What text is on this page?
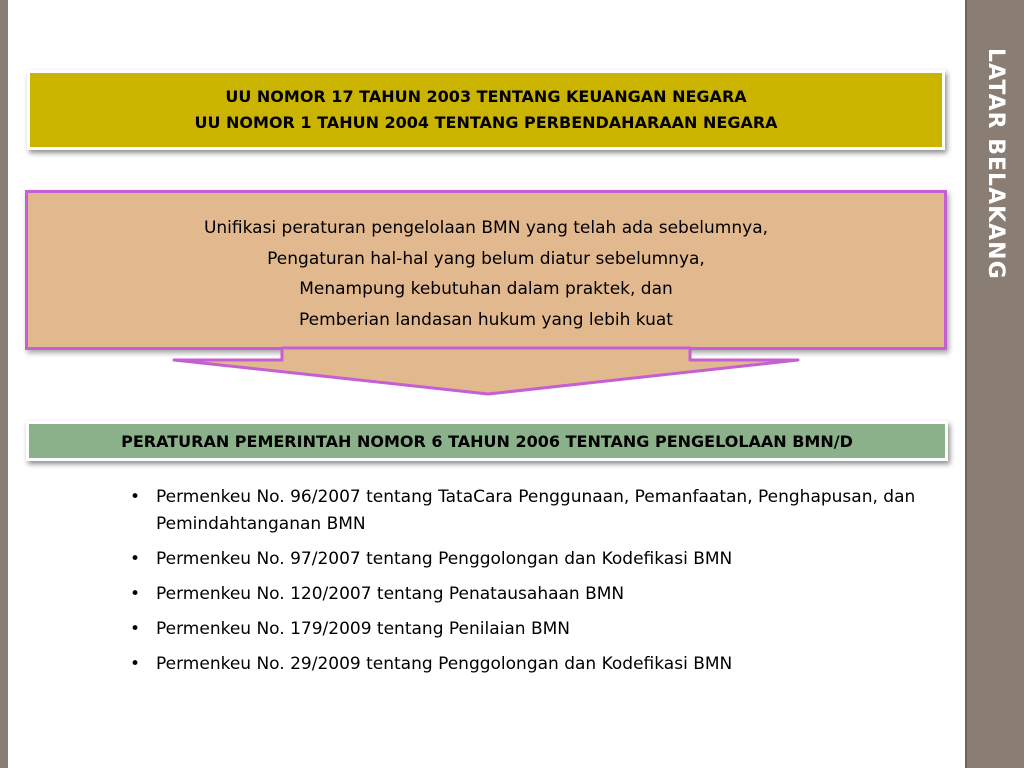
LATAR BELAKANG
UU NOMOR 17 TAHUN 2003 TENTANG KEUANGAN NEGARA
UU NOMOR 1 TAHUN 2004 TENTANG PERBENDAHARAAN NEGARA
Unifikasi peraturan pengelolaan BMN yang telah ada sebelumnya,
Pengaturan hal-hal yang belum diatur sebelumnya,
Menampung kebutuhan dalam praktek, dan
Pemberian landasan hukum yang lebih kuat
PERATURAN PEMERINTAH NOMOR 6 TAHUN 2006 TENTANG PENGELOLAAN BMN/D
• Permenkeu No. 96/2007 tentang TataCara Penggunaan, Pemanfaatan, Penghapusan, dan Pemindahtanganan BMN
• Permenkeu No. 97/2007 tentang Penggolongan dan Kodefikasi BMN
• Permenkeu No. 120/2007 tentang Penatausahaan BMN
• Permenkeu No. 179/2009 tentang Penilaian BMN
• Permenkeu No. 29/2009 tentang Penggolongan dan Kodefikasi BMN
